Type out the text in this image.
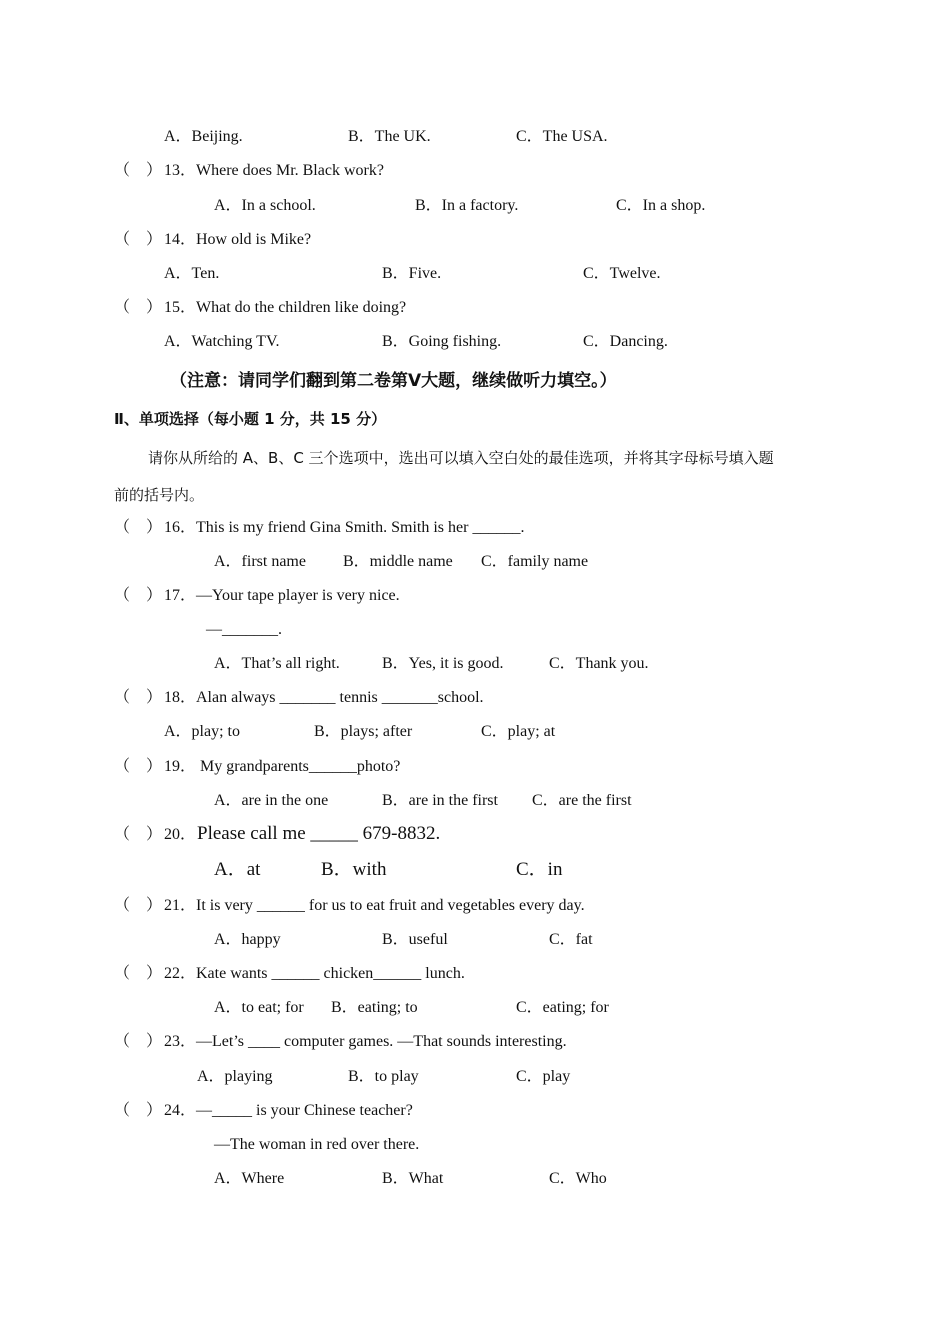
A．Beijing.	B．The UK.	C．The USA.
（    ） 13．Where does Mr. Black work?
A．In a school.	B．In a factory.	C．In a shop.
（    ） 14．How old is Mike?
A．Ten.	B．Five.	C．Twelve.
（    ） 15．What do the children like doing?
A．Watching TV.	B．Going fishing.	C．Dancing.
（注意：请同学们翻到第二卷第Ⅴ大题，继续做听力填空。）
Ⅱ、单项选择（每小题 1 分，共 15 分）
请你从所给的 A、B、C 三个选项中，选出可以填入空白处的最佳选项，并将其字母标号填入题
前的括号内。
（    ） 16．This is my friend Gina Smith. Smith is her ______.
A．first name B．middle name C．family name
（    ） 17．—Your tape player is very nice.
—_______.
A．That’s all right.	B．Yes, it is good.	C．Thank you.
（    ） 18．Alan always _______ tennis _______school.
A．play; to	B．plays; after	C．play; at
（    ） 19． My grandparents______photo?
A．are in the one	B．are in the first C．are the first
（    ） 20． Please call me _____ 679-8832.
A．at	B．with	C．in
（    ） 21．It is very ______ for us to eat fruit and vegetables every day.
A．happy	B．useful	C．fat
（    ） 22．Kate wants ______ chicken______ lunch.
A．to eat; for B．eating; to	C．eating; for
（    ） 23．—Let’s ____ computer games. —That sounds interesting.
A．playing	B．to play	C．play
（    ） 24．—_____ is your Chinese teacher?
—The woman in red over there.
A．Where	B．What	C．Who
